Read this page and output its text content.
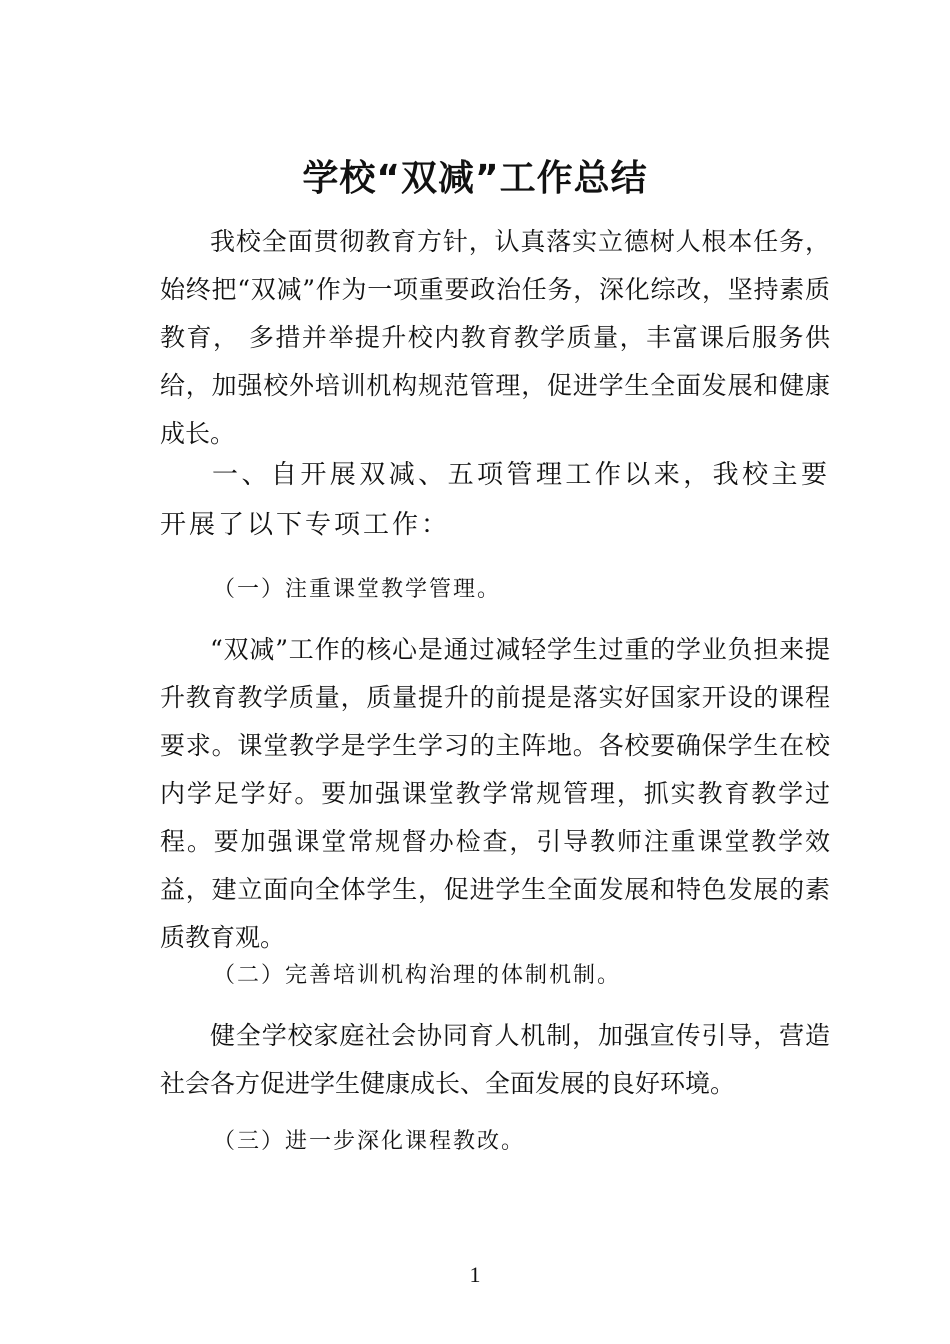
学校“双减”工作总结

我校全面贯彻教育方针，认真落实立德树人根本任务，始终把“双减”作为一项重要政治任务，深化综改，坚持素质教育， 多措并举提升校内教育教学质量，丰富课后服务供给，加强校外培训机构规范管理，促进学生全面发展和健康成长。

一、自开展双减、五项管理工作以来，我校主要开展了以下专项工作：

（一）注重课堂教学管理。

“双减”工作的核心是通过减轻学生过重的学业负担来提升教育教学质量，质量提升的前提是落实好国家开设的课程要求。课堂教学是学生学习的主阵地。各校要确保学生在校内学足学好。要加强课堂教学常规管理，抓实教育教学过程。要加强课堂常规督办检查，引导教师注重课堂教学效益，建立面向全体学生，促进学生全面发展和特色发展的素质教育观。

（二）完善培训机构治理的体制机制。

健全学校家庭社会协同育人机制，加强宣传引导，营造社会各方促进学生健康成长、全面发展的良好环境。

（三）进一步深化课程教改。

1
